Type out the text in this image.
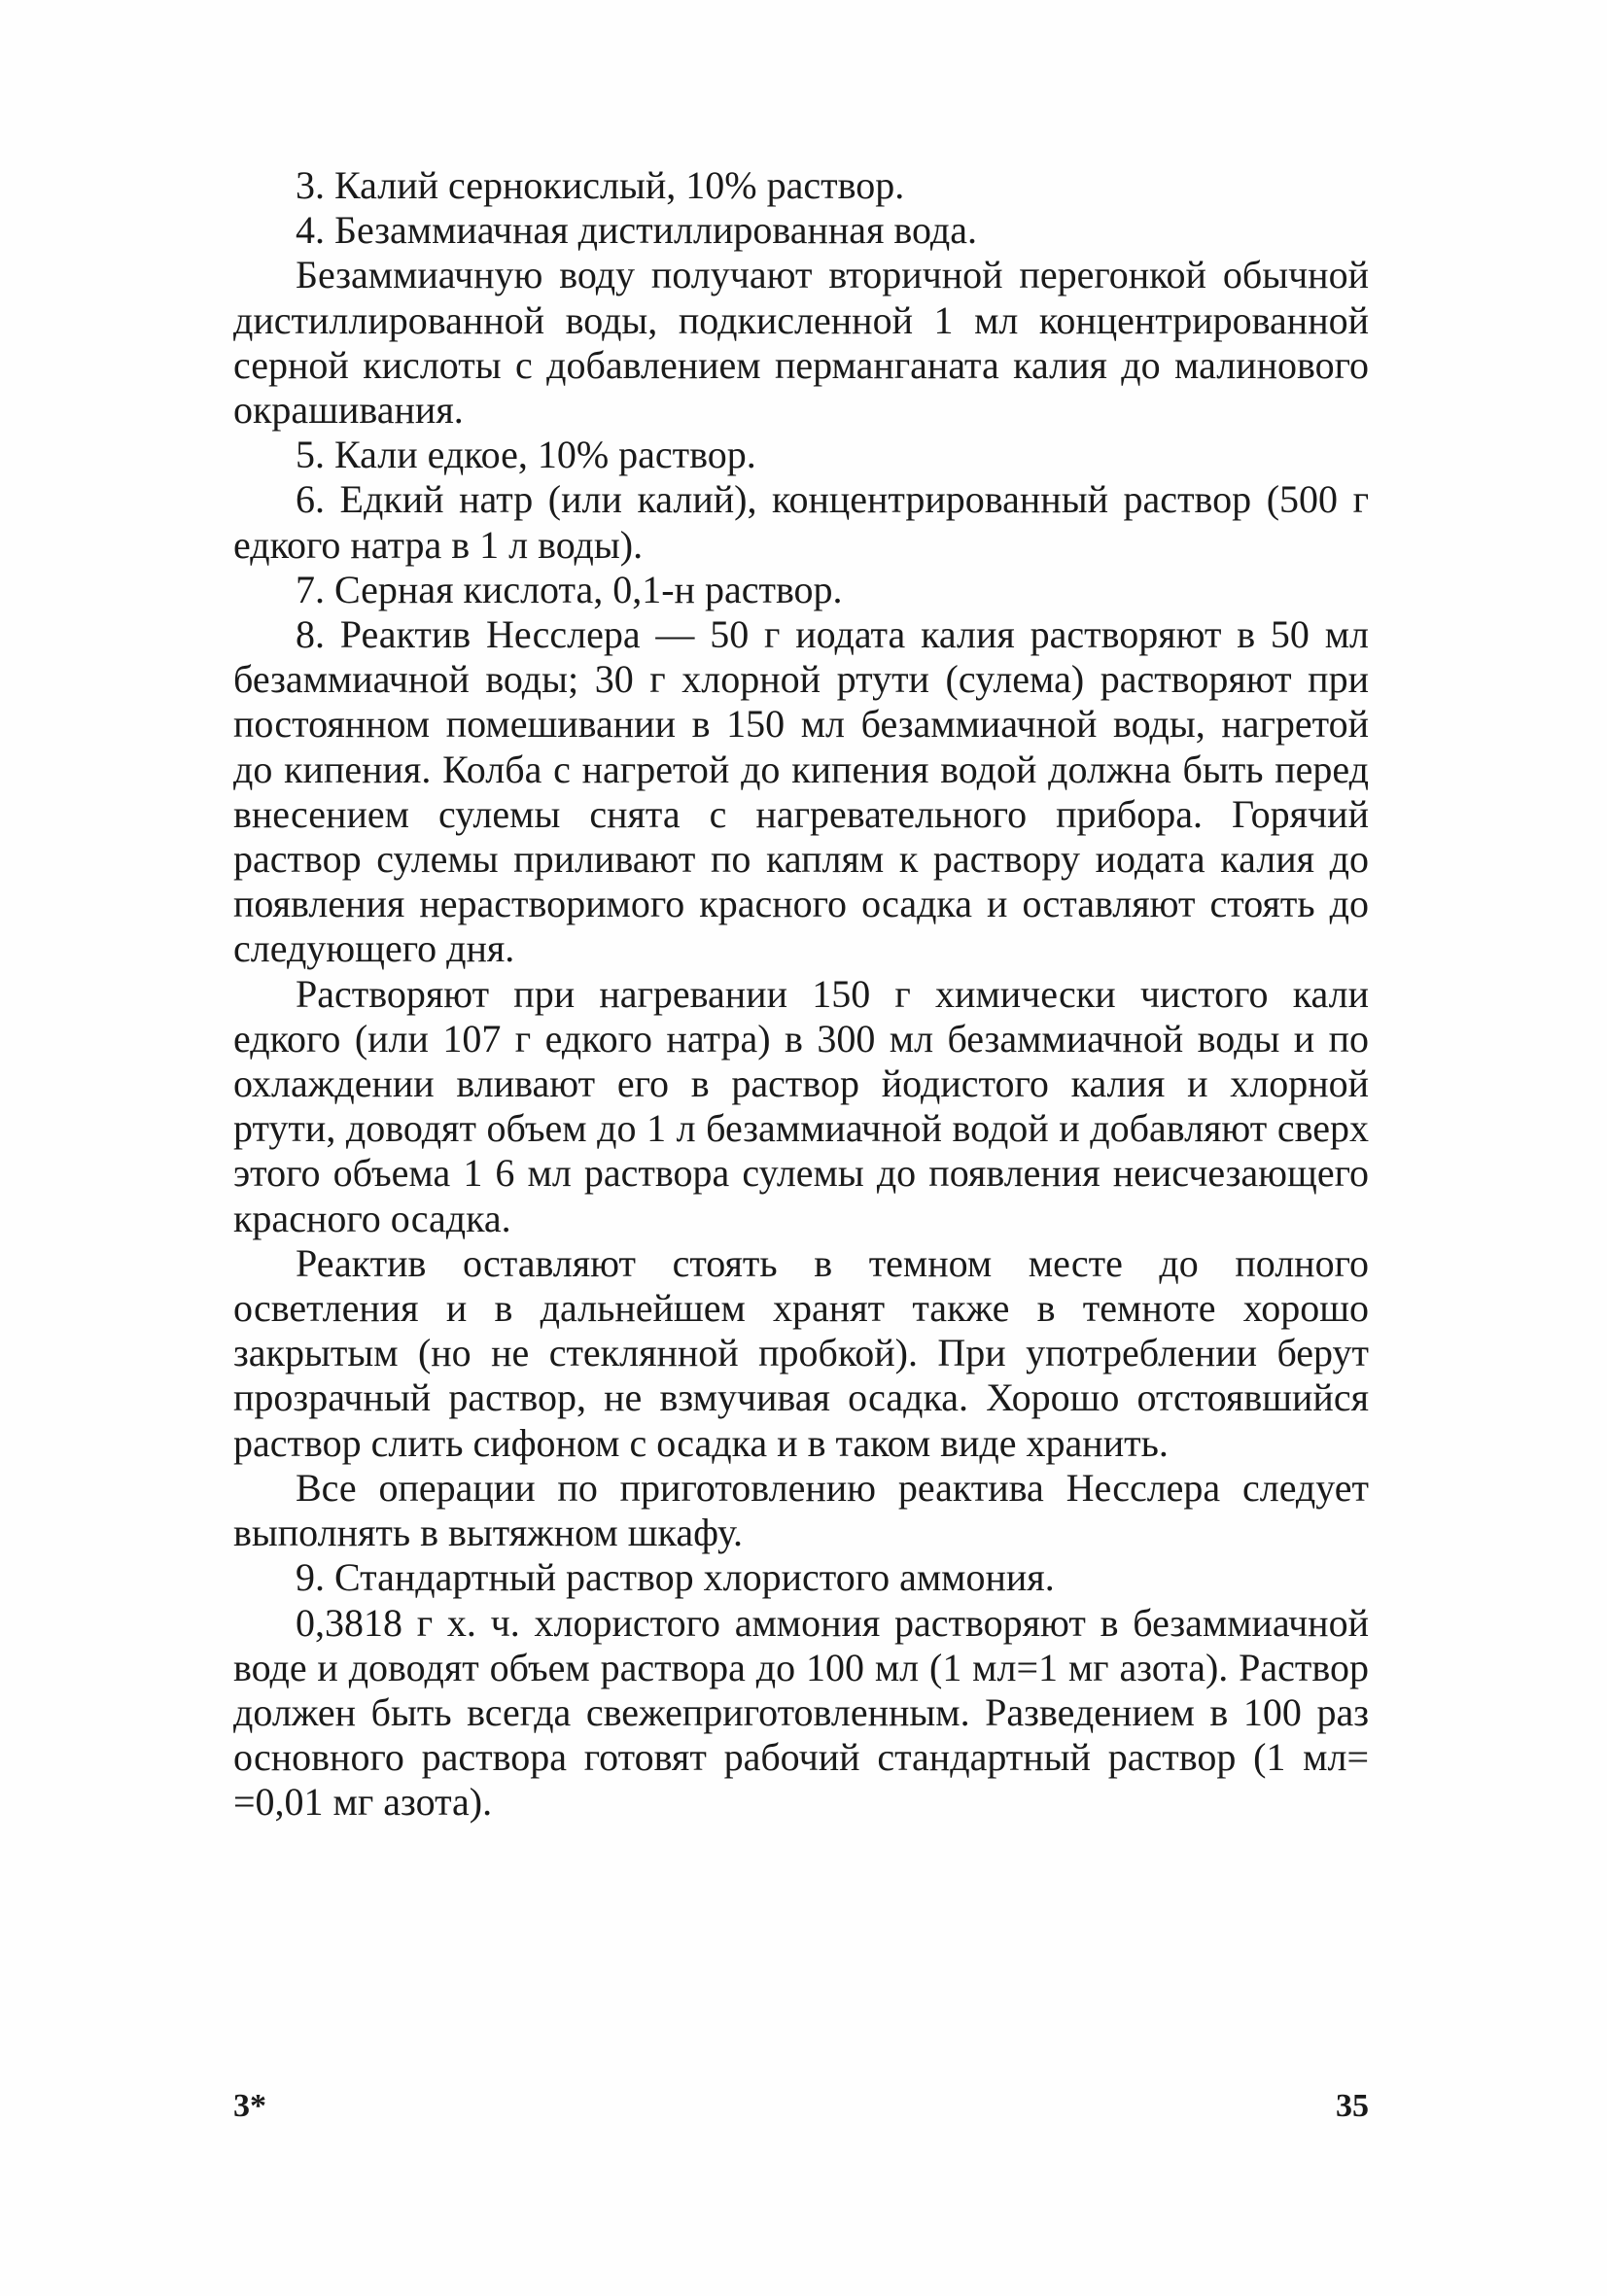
3. Калий сернокислый, 10% раствор.

4. Безаммиачная дистиллированная вода.

Безаммиачную воду получают вторичной перегонкой обычной дистиллированной воды, подкисленной 1 мл концентрированной серной кислоты с добавлением перманганата калия до малинового окрашивания.

5. Кали едкое, 10% раствор.

6. Едкий натр (или калий), концентрированный раствор (500 г едкого натра в 1 л воды).

7. Серная кислота, 0,1-н раствор.

8. Реактив Несслера — 50 г иодата калия растворяют в 50 мл безаммиачной воды; 30 г хлорной ртути (сулема) растворяют при постоянном помешивании в 150 мл безаммиачной воды, нагретой до кипения. Колба с нагретой до кипения водой должна быть перед внесением сулемы снята с нагревательного прибора. Горячий раствор сулемы приливают по каплям к раствору иодата калия до появления нерастворимого красного осадка и оставляют стоять до следующего дня.

Растворяют при нагревании 150 г химически чистого кали едкого (или 107 г едкого натра) в 300 мл безаммиачной воды и по охлаждении вливают его в раствор йодистого калия и хлорной ртути, доводят объем до 1 л безаммиачной водой и добавляют сверх этого объема 1 6 мл раствора сулемы до появления неисчезающего красного осадка.

Реактив оставляют стоять в темном месте до полного осветления и в дальнейшем хранят также в темноте хорошо закрытым (но не стеклянной пробкой). При употреблении берут прозрачный раствор, не взмучивая осадка. Хорошо отстоявшийся раствор слить сифоном с осадка и в таком виде хранить.

Все операции по приготовлению реактива Несслера следует выполнять в вытяжном шкафу.

9. Стандартный раствор хлористого аммония.

0,3818 г х. ч. хлористого аммония растворяют в безаммиачной воде и доводят объем раствора до 100 мл (1 мл=1 мг азота). Раствор должен быть всегда свежеприготовленным. Разведением в 100 раз основного раствора готовят рабочий стандартный раствор (1 мл= =0,01 мг азота).

3*	35
